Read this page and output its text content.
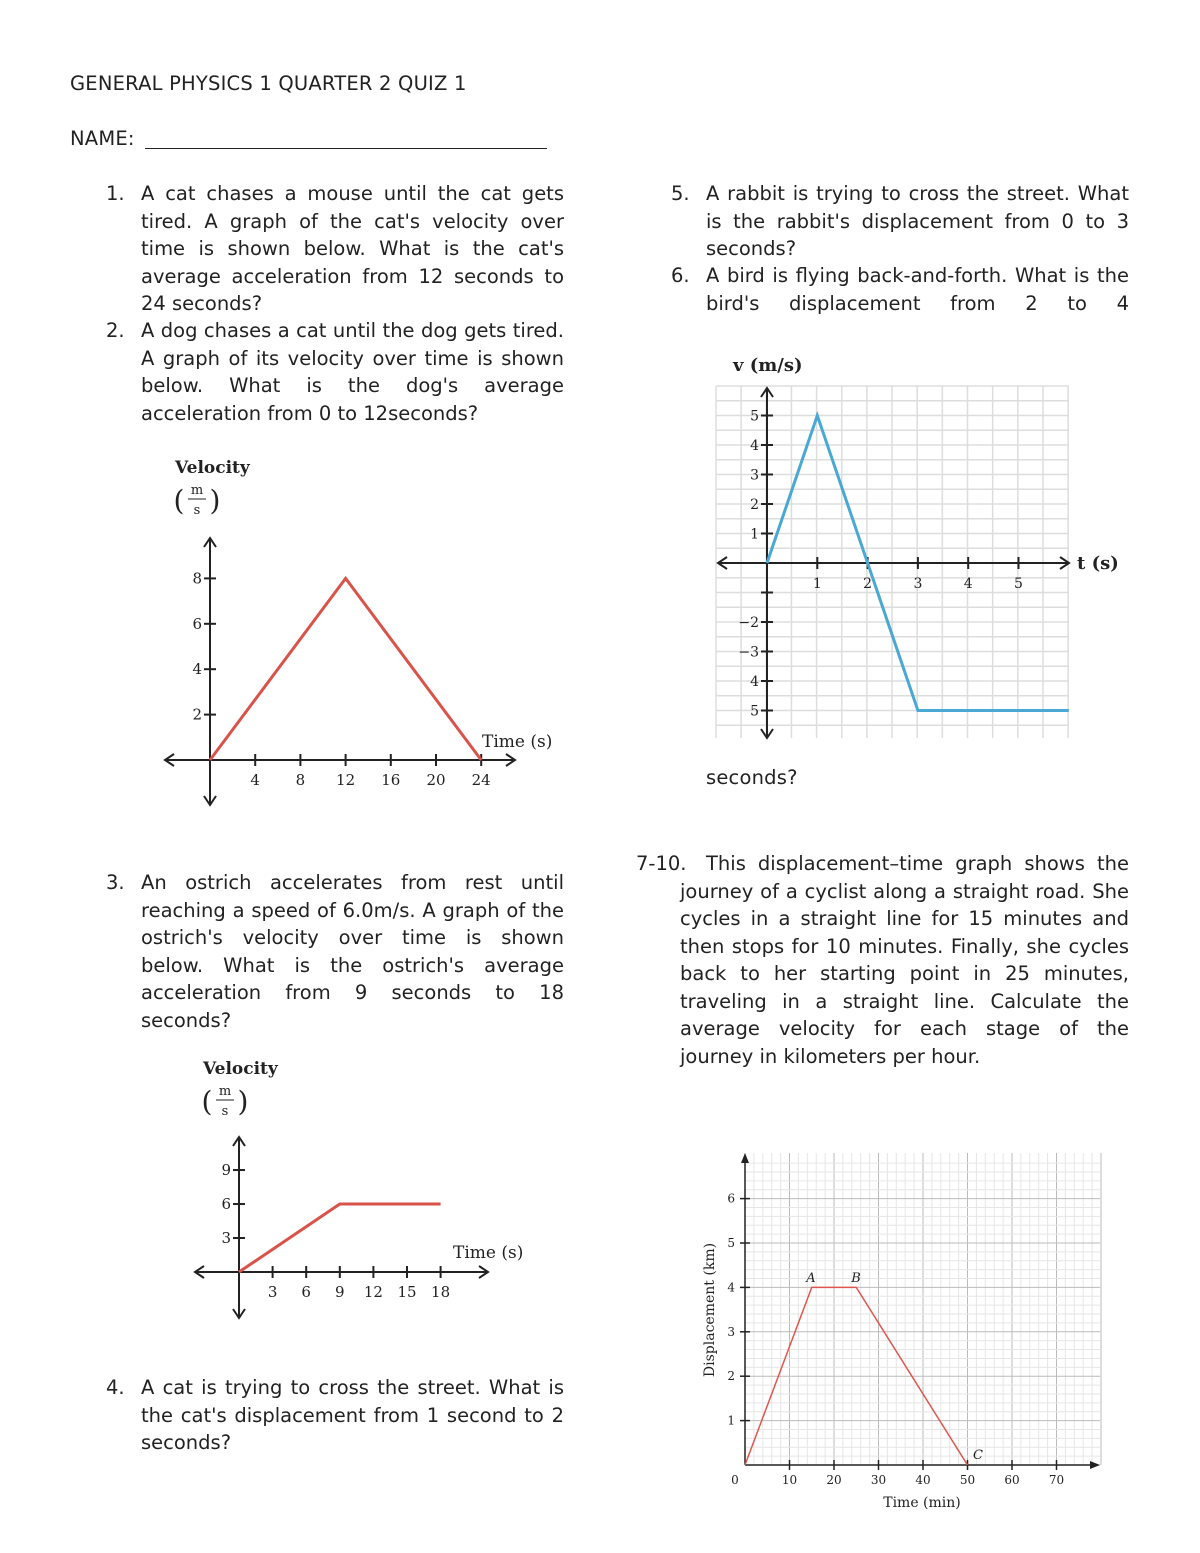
GENERAL PHYSICS 1 QUARTER 2 QUIZ 1
NAME:
1. A cat chases a mouse until the cat gets tired. A graph of the cat's velocity over time is shown below. What is the cat's average acceleration from 12 seconds to 24 seconds?
2. A dog chases a cat until the dog gets tired. A graph of its velocity over time is shown below. What is the dog's average acceleration from 0 to 12seconds?
3. An ostrich accelerates from rest until reaching a speed of 6.0m/s. A graph of the ostrich's velocity over time is shown below. What is the ostrich's average acceleration from 9 seconds to 18 seconds?
4. A cat is trying to cross the street. What is the cat's displacement from 1 second to 2 seconds?
5. A rabbit is trying to cross the street. What is the rabbit's displacement from 0 to 3 seconds?
6. A bird is flying back-and-forth. What is the bird's displacement from 2 to 4
seconds?
7-10.	This displacement–time graph shows the journey of a cyclist along a straight road. She cycles in a straight line for 15 minutes and then stops for 10 minutes. Finally, she cycles back to her starting point in 25 minutes, traveling in a straight line. Calculate the average velocity for each stage of the journey in kilometers per hour.
4 8 12 16 20 24
2
4
6
8
Velocity
m
s
( )
Time (s)
3 6 9 12 15 18
3
6
9
Velocity
m
s
( )
Time (s)
1	2	3	4	5
1
2
3
4
5
−2
−3
4
5
v (m/s)
t (s)
0	10 20 30 40 50 60 70
1
2
3
4
5
6
A	B
C
Time (min)
Displacement (km)
